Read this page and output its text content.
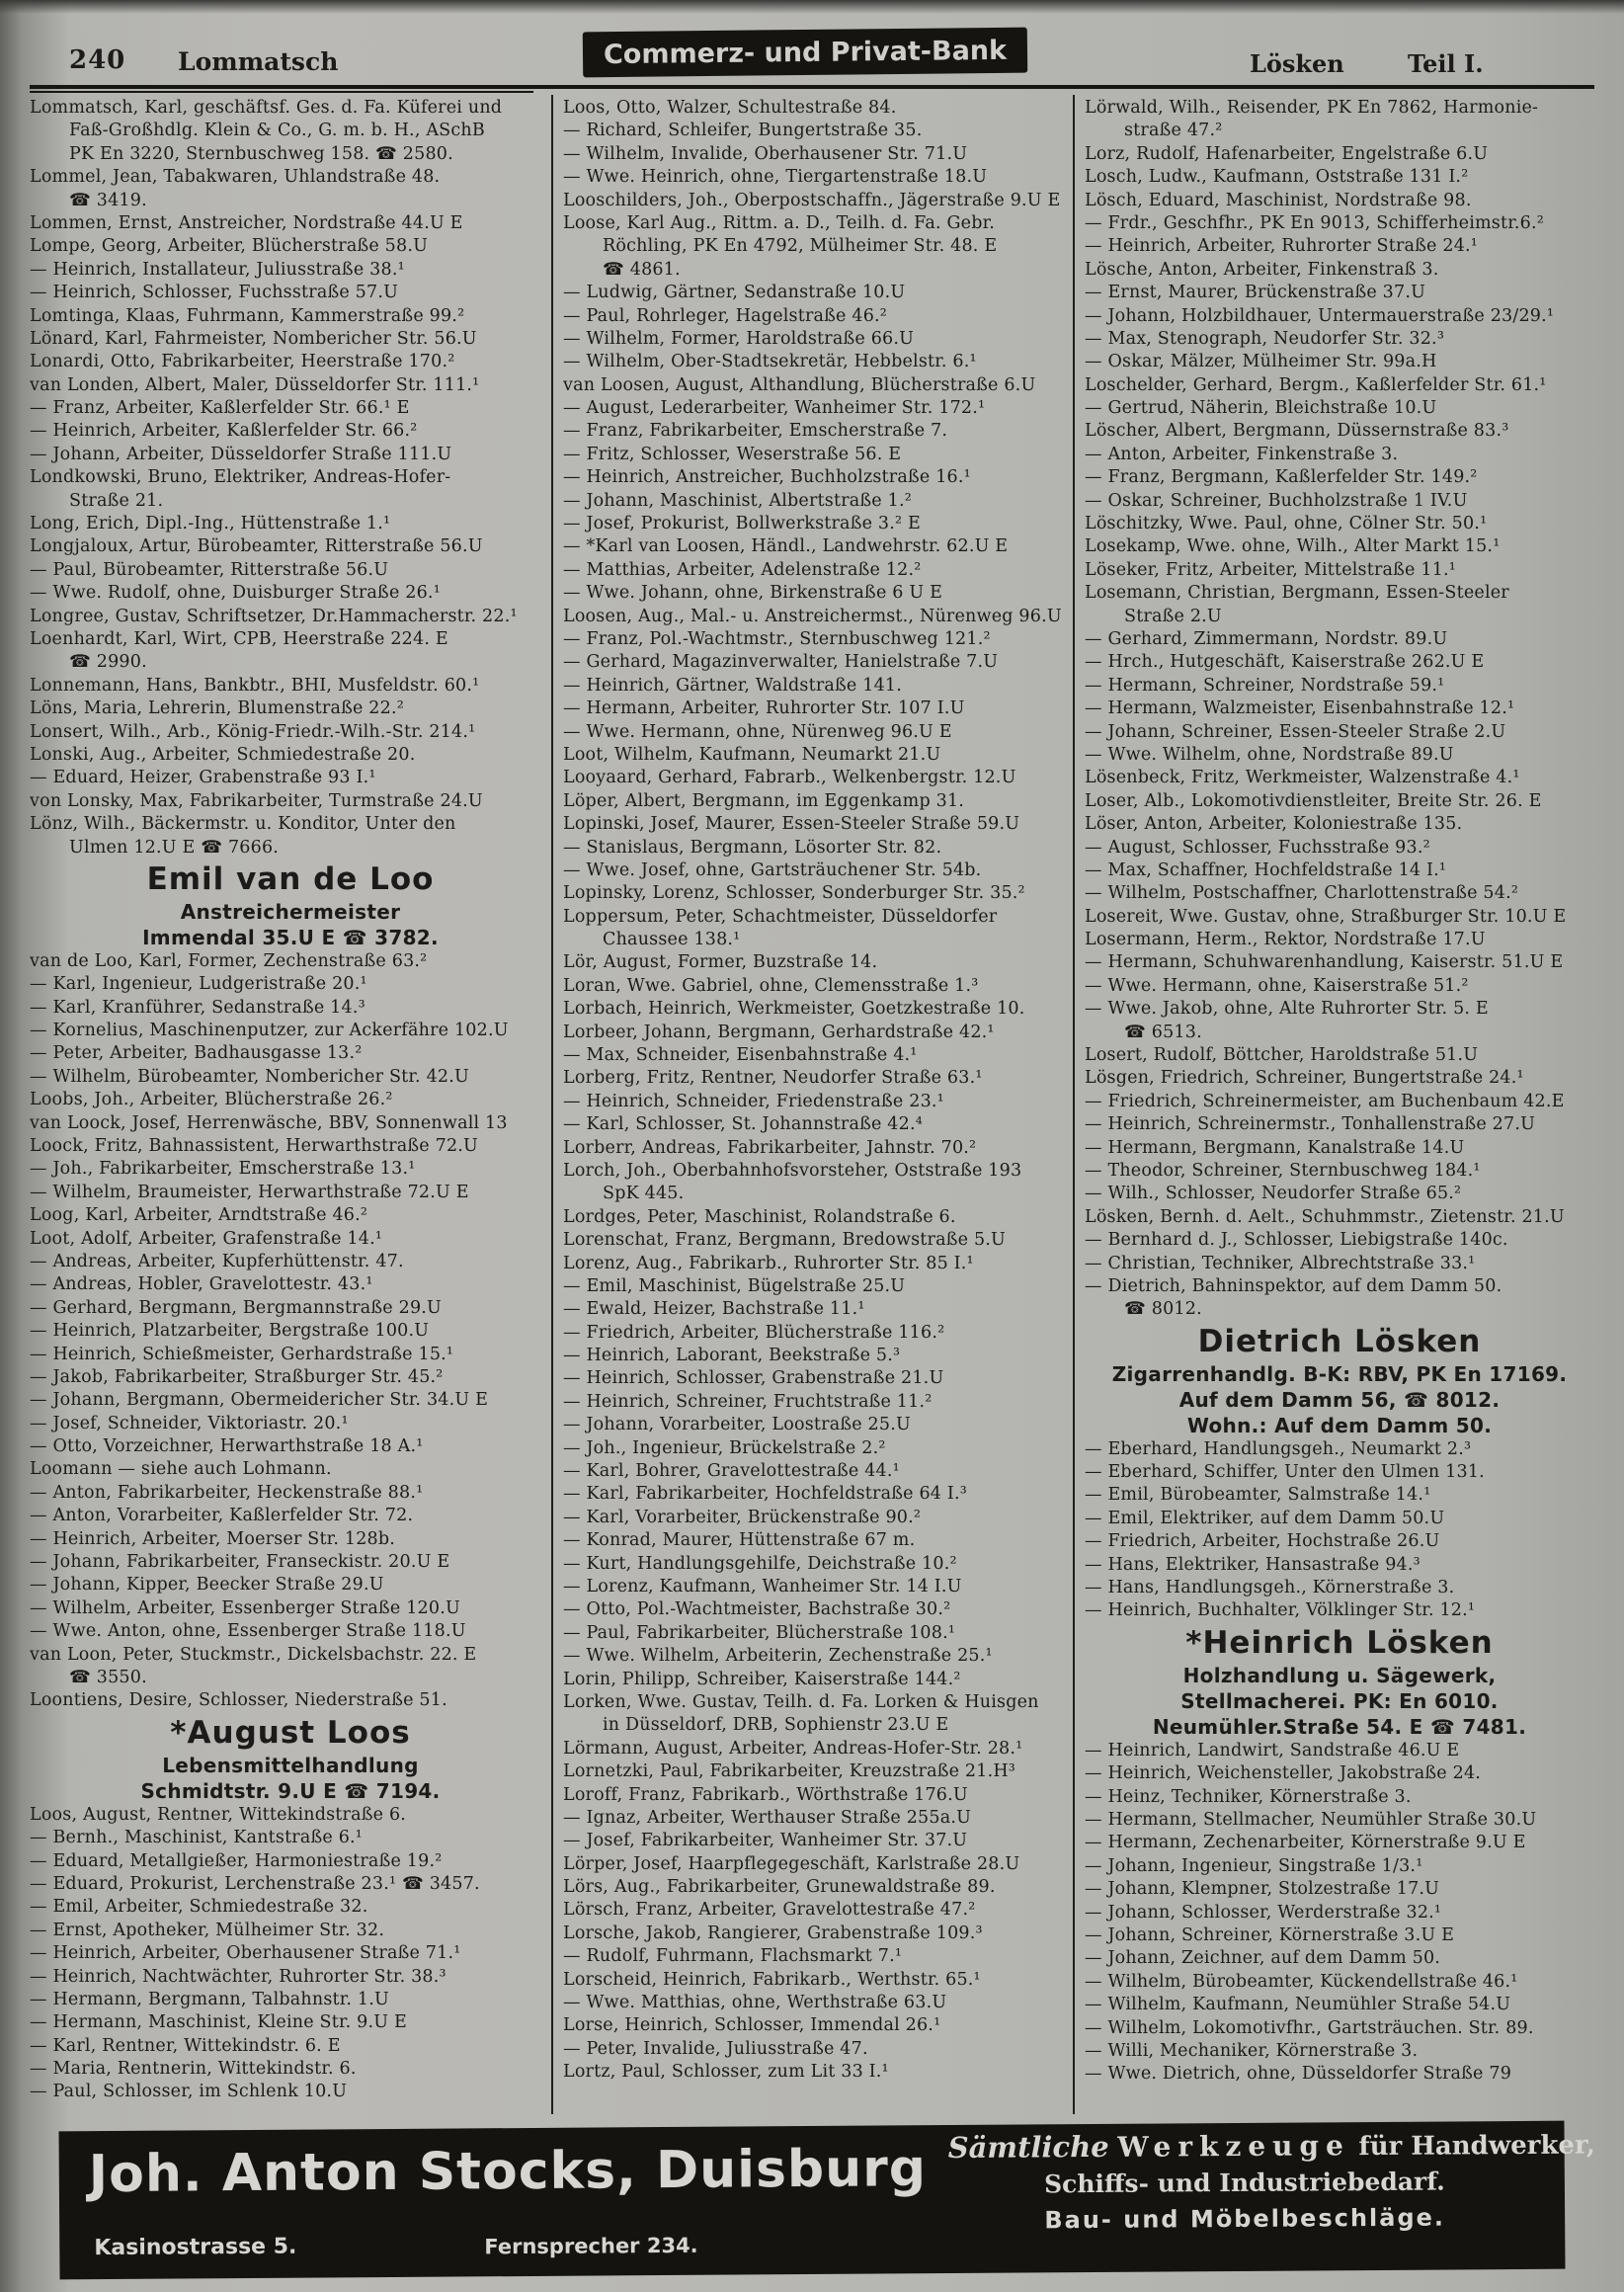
240 Lommatsch	Commerz- und Privat-Bank	Lösken	Teil I.
Lommatsch, Karl, geschäftsf. Ges. d. Fa. Küferei und
Faß-Großhdlg. Klein & Co., G. m. b. H., ASchB
PK En 3220, Sternbuschweg 158. ☎ 2580.
Lommel, Jean, Tabakwaren, Uhlandstraße 48.
☎ 3419.
Lommen, Ernst, Anstreicher, Nordstraße 44.U E
Lompe, Georg, Arbeiter, Blücherstraße 58.U
— Heinrich, Installateur, Juliusstraße 38.¹
— Heinrich, Schlosser, Fuchsstraße 57.U
Lomtinga, Klaas, Fuhrmann, Kammerstraße 99.²
Lönard, Karl, Fahrmeister, Nombericher Str. 56.U
Lonardi, Otto, Fabrikarbeiter, Heerstraße 170.²
van Londen, Albert, Maler, Düsseldorfer Str. 111.¹
— Franz, Arbeiter, Kaßlerfelder Str. 66.¹ E
— Heinrich, Arbeiter, Kaßlerfelder Str. 66.²
— Johann, Arbeiter, Düsseldorfer Straße 111.U
Londkowski, Bruno, Elektriker, Andreas-Hofer-
Straße 21.
Long, Erich, Dipl.-Ing., Hüttenstraße 1.¹
Longjaloux, Artur, Bürobeamter, Ritterstraße 56.U
— Paul, Bürobeamter, Ritterstraße 56.U
— Wwe. Rudolf, ohne, Duisburger Straße 26.¹
Longree, Gustav, Schriftsetzer, Dr.Hammacherstr. 22.¹
Loenhardt, Karl, Wirt, CPB, Heerstraße 224. E
☎ 2990.
Lonnemann, Hans, Bankbtr., BHI, Musfeldstr. 60.¹
Löns, Maria, Lehrerin, Blumenstraße 22.²
Lonsert, Wilh., Arb., König-Friedr.-Wilh.-Str. 214.¹
Lonski, Aug., Arbeiter, Schmiedestraße 20.
— Eduard, Heizer, Grabenstraße 93 I.¹
von Lonsky, Max, Fabrikarbeiter, Turmstraße 24.U
Lönz, Wilh., Bäckermstr. u. Konditor, Unter den
Ulmen 12.U E ☎ 7666.
Emil van de Loo
Anstreichermeister
Immendal 35.U E ☎ 3782.
van de Loo, Karl, Former, Zechenstraße 63.²
— Karl, Ingenieur, Ludgeristraße 20.¹
— Karl, Kranführer, Sedanstraße 14.³
— Kornelius, Maschinenputzer, zur Ackerfähre 102.U
— Peter, Arbeiter, Badhausgasse 13.²
— Wilhelm, Bürobeamter, Nombericher Str. 42.U
Loobs, Joh., Arbeiter, Blücherstraße 26.²
van Loock, Josef, Herrenwäsche, BBV, Sonnenwall 13
Loock, Fritz, Bahnassistent, Herwarthstraße 72.U
— Joh., Fabrikarbeiter, Emscherstraße 13.¹
— Wilhelm, Braumeister, Herwarthstraße 72.U E
Loog, Karl, Arbeiter, Arndtstraße 46.²
Loot, Adolf, Arbeiter, Grafenstraße 14.¹
— Andreas, Arbeiter, Kupferhüttenstr. 47.
— Andreas, Hobler, Gravelottestr. 43.¹
— Gerhard, Bergmann, Bergmannstraße 29.U
— Heinrich, Platzarbeiter, Bergstraße 100.U
— Heinrich, Schießmeister, Gerhardstraße 15.¹
— Jakob, Fabrikarbeiter, Straßburger Str. 45.²
— Johann, Bergmann, Obermeidericher Str. 34.U E
— Josef, Schneider, Viktoriastr. 20.¹
— Otto, Vorzeichner, Herwarthstraße 18 A.¹
Loomann — siehe auch Lohmann.
— Anton, Fabrikarbeiter, Heckenstraße 88.¹
— Anton, Vorarbeiter, Kaßlerfelder Str. 72.
— Heinrich, Arbeiter, Moerser Str. 128b.
— Johann, Fabrikarbeiter, Franseckistr. 20.U E
— Johann, Kipper, Beecker Straße 29.U
— Wilhelm, Arbeiter, Essenberger Straße 120.U
— Wwe. Anton, ohne, Essenberger Straße 118.U
van Loon, Peter, Stuckmstr., Dickelsbachstr. 22. E
☎ 3550.
Loontiens, Desire, Schlosser, Niederstraße 51.
*August Loos
Lebensmittelhandlung
Schmidtstr. 9.U E ☎ 7194.
Loos, August, Rentner, Wittekindstraße 6.
— Bernh., Maschinist, Kantstraße 6.¹
— Eduard, Metallgießer, Harmoniestraße 19.²
— Eduard, Prokurist, Lerchenstraße 23.¹ ☎ 3457.
— Emil, Arbeiter, Schmiedestraße 32.
— Ernst, Apotheker, Mülheimer Str. 32.
— Heinrich, Arbeiter, Oberhausener Straße 71.¹
— Heinrich, Nachtwächter, Ruhrorter Str. 38.³
— Hermann, Bergmann, Talbahnstr. 1.U
— Hermann, Maschinist, Kleine Str. 9.U E
— Karl, Rentner, Wittekindstr. 6. E
— Maria, Rentnerin, Wittekindstr. 6.
— Paul, Schlosser, im Schlenk 10.U
Loos, Otto, Walzer, Schultestraße 84.
— Richard, Schleifer, Bungertstraße 35.
— Wilhelm, Invalide, Oberhausener Str. 71.U
— Wwe. Heinrich, ohne, Tiergartenstraße 18.U
Looschilders, Joh., Oberpostschaffn., Jägerstraße 9.U E
Loose, Karl Aug., Rittm. a. D., Teilh. d. Fa. Gebr.
Röchling, PK En 4792, Mülheimer Str. 48. E
☎ 4861.
— Ludwig, Gärtner, Sedanstraße 10.U
— Paul, Rohrleger, Hagelstraße 46.²
— Wilhelm, Former, Haroldstraße 66.U
— Wilhelm, Ober-Stadtsekretär, Hebbelstr. 6.¹
van Loosen, August, Althandlung, Blücherstraße 6.U
— August, Lederarbeiter, Wanheimer Str. 172.¹
— Franz, Fabrikarbeiter, Emscherstraße 7.
— Fritz, Schlosser, Weserstraße 56. E
— Heinrich, Anstreicher, Buchholzstraße 16.¹
— Johann, Maschinist, Albertstraße 1.²
— Josef, Prokurist, Bollwerkstraße 3.² E
— *Karl van Loosen, Händl., Landwehrstr. 62.U E
— Matthias, Arbeiter, Adelenstraße 12.²
— Wwe. Johann, ohne, Birkenstraße 6 U E
Loosen, Aug., Mal.- u. Anstreichermst., Nürenweg 96.U
— Franz, Pol.-Wachtmstr., Sternbuschweg 121.²
— Gerhard, Magazinverwalter, Hanielstraße 7.U
— Heinrich, Gärtner, Waldstraße 141.
— Hermann, Arbeiter, Ruhrorter Str. 107 I.U
— Wwe. Hermann, ohne, Nürenweg 96.U E
Loot, Wilhelm, Kaufmann, Neumarkt 21.U
Looyaard, Gerhard, Fabrarb., Welkenbergstr. 12.U
Löper, Albert, Bergmann, im Eggenkamp 31.
Lopinski, Josef, Maurer, Essen-Steeler Straße 59.U
— Stanislaus, Bergmann, Lösorter Str. 82.
— Wwe. Josef, ohne, Gartsträuchener Str. 54b.
Lopinsky, Lorenz, Schlosser, Sonderburger Str. 35.²
Loppersum, Peter, Schachtmeister, Düsseldorfer
Chaussee 138.¹
Lör, August, Former, Buzstraße 14.
Loran, Wwe. Gabriel, ohne, Clemensstraße 1.³
Lorbach, Heinrich, Werkmeister, Goetzkestraße 10.
Lorbeer, Johann, Bergmann, Gerhardstraße 42.¹
— Max, Schneider, Eisenbahnstraße 4.¹
Lorberg, Fritz, Rentner, Neudorfer Straße 63.¹
— Heinrich, Schneider, Friedenstraße 23.¹
— Karl, Schlosser, St. Johannstraße 42.⁴
Lorberr, Andreas, Fabrikarbeiter, Jahnstr. 70.²
Lorch, Joh., Oberbahnhofsvorsteher, Oststraße 193
SpK 445.
Lordges, Peter, Maschinist, Rolandstraße 6.
Lorenschat, Franz, Bergmann, Bredowstraße 5.U
Lorenz, Aug., Fabrikarb., Ruhrorter Str. 85 I.¹
— Emil, Maschinist, Bügelstraße 25.U
— Ewald, Heizer, Bachstraße 11.¹
— Friedrich, Arbeiter, Blücherstraße 116.²
— Heinrich, Laborant, Beekstraße 5.³
— Heinrich, Schlosser, Grabenstraße 21.U
— Heinrich, Schreiner, Fruchtstraße 11.²
— Johann, Vorarbeiter, Loostraße 25.U
— Joh., Ingenieur, Brückelstraße 2.²
— Karl, Bohrer, Gravelottestraße 44.¹
— Karl, Fabrikarbeiter, Hochfeldstraße 64 I.³
— Karl, Vorarbeiter, Brückenstraße 90.²
— Konrad, Maurer, Hüttenstraße 67 m.
— Kurt, Handlungsgehilfe, Deichstraße 10.²
— Lorenz, Kaufmann, Wanheimer Str. 14 I.U
— Otto, Pol.-Wachtmeister, Bachstraße 30.²
— Paul, Fabrikarbeiter, Blücherstraße 108.¹
— Wwe. Wilhelm, Arbeiterin, Zechenstraße 25.¹
Lorin, Philipp, Schreiber, Kaiserstraße 144.²
Lorken, Wwe. Gustav, Teilh. d. Fa. Lorken & Huisgen
in Düsseldorf, DRB, Sophienstr 23.U E
Lörmann, August, Arbeiter, Andreas-Hofer-Str. 28.¹
Lornetzki, Paul, Fabrikarbeiter, Kreuzstraße 21.H³
Loroff, Franz, Fabrikarb., Wörthstraße 176.U
— Ignaz, Arbeiter, Werthauser Straße 255a.U
— Josef, Fabrikarbeiter, Wanheimer Str. 37.U
Lörper, Josef, Haarpflegegeschäft, Karlstraße 28.U
Lörs, Aug., Fabrikarbeiter, Grunewaldstraße 89.
Lörsch, Franz, Arbeiter, Gravelottestraße 47.²
Lorsche, Jakob, Rangierer, Grabenstraße 109.³
— Rudolf, Fuhrmann, Flachsmarkt 7.¹
Lorscheid, Heinrich, Fabrikarb., Werthstr. 65.¹
— Wwe. Matthias, ohne, Werthstraße 63.U
Lorse, Heinrich, Schlosser, Immendal 26.¹
— Peter, Invalide, Juliusstraße 47.
Lortz, Paul, Schlosser, zum Lit 33 I.¹
Lörwald, Wilh., Reisender, PK En 7862, Harmonie-
straße 47.²
Lorz, Rudolf, Hafenarbeiter, Engelstraße 6.U
Losch, Ludw., Kaufmann, Oststraße 131 I.²
Lösch, Eduard, Maschinist, Nordstraße 98.
— Frdr., Geschfhr., PK En 9013, Schifferheimstr.6.²
— Heinrich, Arbeiter, Ruhrorter Straße 24.¹
Lösche, Anton, Arbeiter, Finkenstraß 3.
— Ernst, Maurer, Brückenstraße 37.U
— Johann, Holzbildhauer, Untermauerstraße 23/29.¹
— Max, Stenograph, Neudorfer Str. 32.³
— Oskar, Mälzer, Mülheimer Str. 99a.H
Loschelder, Gerhard, Bergm., Kaßlerfelder Str. 61.¹
— Gertrud, Näherin, Bleichstraße 10.U
Löscher, Albert, Bergmann, Düssernstraße 83.³
— Anton, Arbeiter, Finkenstraße 3.
— Franz, Bergmann, Kaßlerfelder Str. 149.²
— Oskar, Schreiner, Buchholzstraße 1 IV.U
Löschitzky, Wwe. Paul, ohne, Cölner Str. 50.¹
Losekamp, Wwe. ohne, Wilh., Alter Markt 15.¹
Löseker, Fritz, Arbeiter, Mittelstraße 11.¹
Losemann, Christian, Bergmann, Essen-Steeler
Straße 2.U
— Gerhard, Zimmermann, Nordstr. 89.U
— Hrch., Hutgeschäft, Kaiserstraße 262.U E
— Hermann, Schreiner, Nordstraße 59.¹
— Hermann, Walzmeister, Eisenbahnstraße 12.¹
— Johann, Schreiner, Essen-Steeler Straße 2.U
— Wwe. Wilhelm, ohne, Nordstraße 89.U
Lösenbeck, Fritz, Werkmeister, Walzenstraße 4.¹
Loser, Alb., Lokomotivdienstleiter, Breite Str. 26. E
Löser, Anton, Arbeiter, Koloniestraße 135.
— August, Schlosser, Fuchsstraße 93.²
— Max, Schaffner, Hochfeldstraße 14 I.¹
— Wilhelm, Postschaffner, Charlottenstraße 54.²
Losereit, Wwe. Gustav, ohne, Straßburger Str. 10.U E
Losermann, Herm., Rektor, Nordstraße 17.U
— Hermann, Schuhwarenhandlung, Kaiserstr. 51.U E
— Wwe. Hermann, ohne, Kaiserstraße 51.²
— Wwe. Jakob, ohne, Alte Ruhrorter Str. 5. E
☎ 6513.
Losert, Rudolf, Böttcher, Haroldstraße 51.U
Lösgen, Friedrich, Schreiner, Bungertstraße 24.¹
— Friedrich, Schreinermeister, am Buchenbaum 42.E
— Heinrich, Schreinermstr., Tonhallenstraße 27.U
— Hermann, Bergmann, Kanalstraße 14.U
— Theodor, Schreiner, Sternbuschweg 184.¹
— Wilh., Schlosser, Neudorfer Straße 65.²
Lösken, Bernh. d. Aelt., Schuhmmstr., Zietenstr. 21.U
— Bernhard d. J., Schlosser, Liebigstraße 140c.
— Christian, Techniker, Albrechtstraße 33.¹
— Dietrich, Bahninspektor, auf dem Damm 50.
☎ 8012.
Dietrich Lösken
Zigarrenhandlg. B-K: RBV, PK En 17169.
Auf dem Damm 56, ☎ 8012.
Wohn.: Auf dem Damm 50.
— Eberhard, Handlungsgeh., Neumarkt 2.³
— Eberhard, Schiffer, Unter den Ulmen 131.
— Emil, Bürobeamter, Salmstraße 14.¹
— Emil, Elektriker, auf dem Damm 50.U
— Friedrich, Arbeiter, Hochstraße 26.U
— Hans, Elektriker, Hansastraße 94.³
— Hans, Handlungsgeh., Körnerstraße 3.
— Heinrich, Buchhalter, Völklinger Str. 12.¹
*Heinrich Lösken
Holzhandlung u. Sägewerk,
Stellmacherei. PK: En 6010.
Neumühler.Straße 54. E ☎ 7481.
— Heinrich, Landwirt, Sandstraße 46.U E
— Heinrich, Weichensteller, Jakobstraße 24.
— Heinz, Techniker, Körnerstraße 3.
— Hermann, Stellmacher, Neumühler Straße 30.U
— Hermann, Zechenarbeiter, Körnerstraße 9.U E
— Johann, Ingenieur, Singstraße 1/3.¹
— Johann, Klempner, Stolzestraße 17.U
— Johann, Schlosser, Werderstraße 32.¹
— Johann, Schreiner, Körnerstraße 3.U E
— Johann, Zeichner, auf dem Damm 50.
— Wilhelm, Bürobeamter, Kückendellstraße 46.¹
— Wilhelm, Kaufmann, Neumühler Straße 54.U
— Wilhelm, Lokomotivfhr., Gartsträuchen. Str. 89.
— Willi, Mechaniker, Körnerstraße 3.
— Wwe. Dietrich, ohne, Düsseldorfer Straße 79
Joh. Anton Stocks, Duisburg
Kasinostrasse 5.	Fernsprecher 234.
Sämtliche Werkzeuge für Handwerker,
Schiffs- und Industriebedarf.
Bau- und Möbelbeschläge.
